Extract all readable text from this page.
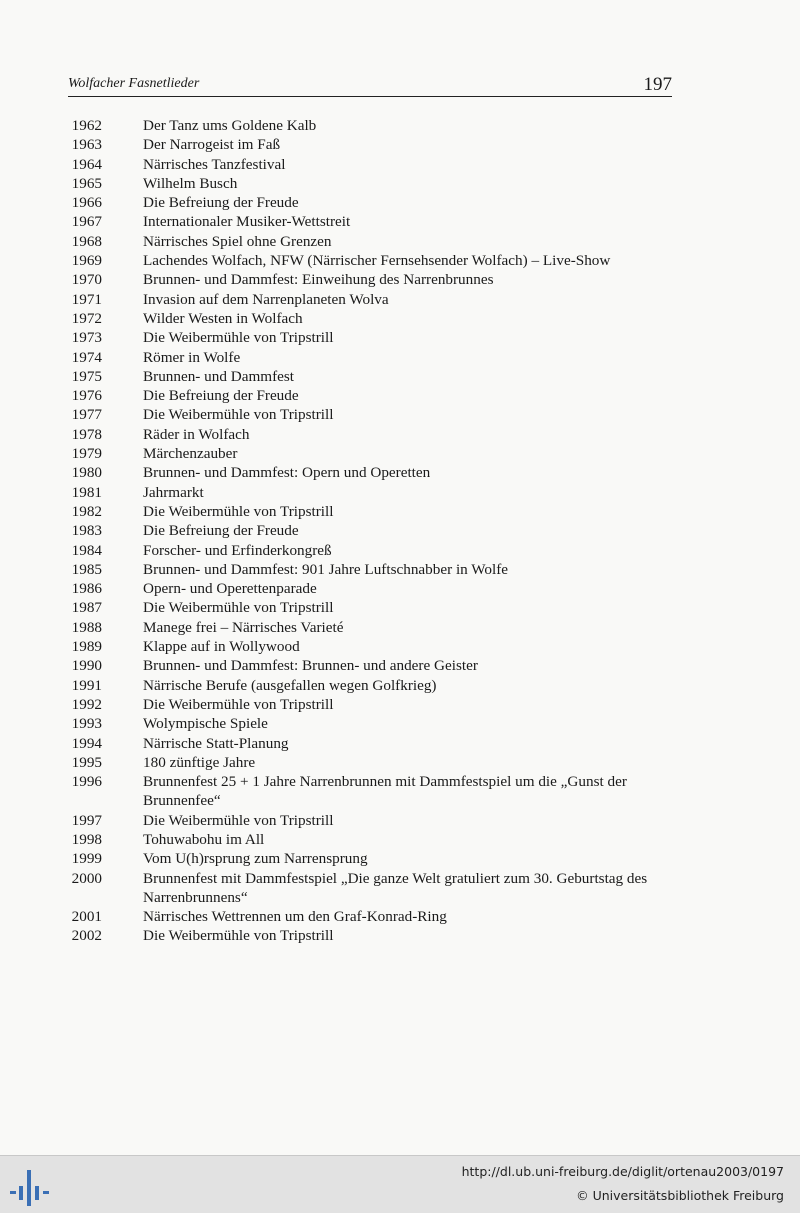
Wolfacher Fasnetlieder	197
1962	Der Tanz ums Goldene Kalb
1963	Der Narrogeist im Faß
1964	Närrisches Tanzfestival
1965	Wilhelm Busch
1966	Die Befreiung der Freude
1967	Internationaler Musiker-Wettstreit
1968	Närrisches Spiel ohne Grenzen
1969	Lachendes Wolfach, NFW (Närrischer Fernsehsender Wolfach) – Live-Show
1970	Brunnen- und Dammfest: Einweihung des Narrenbrunnes
1971	Invasion auf dem Narrenplaneten Wolva
1972	Wilder Westen in Wolfach
1973	Die Weibermühle von Tripstrill
1974	Römer in Wolfe
1975	Brunnen- und Dammfest
1976	Die Befreiung der Freude
1977	Die Weibermühle von Tripstrill
1978	Räder in Wolfach
1979	Märchenzauber
1980	Brunnen- und Dammfest: Opern und Operetten
1981	Jahrmarkt
1982	Die Weibermühle von Tripstrill
1983	Die Befreiung der Freude
1984	Forscher- und Erfinderkongreß
1985	Brunnen- und Dammfest: 901 Jahre Luftschnabber in Wolfe
1986	Opern- und Operettenparade
1987	Die Weibermühle von Tripstrill
1988	Manege frei – Närrisches Varieté
1989	Klappe auf in Wollywood
1990	Brunnen- und Dammfest: Brunnen- und andere Geister
1991	Närrische Berufe (ausgefallen wegen Golfkrieg)
1992	Die Weibermühle von Tripstrill
1993	Wolympische Spiele
1994	Närrische Statt-Planung
1995	180 zünftige Jahre
1996	Brunnenfest 25 + 1 Jahre Narrenbrunnen mit Dammfestspiel um die „Gunst der Brunnenfee“
1997	Die Weibermühle von Tripstrill
1998	Tohuwabohu im All
1999	Vom U(h)rsprung zum Narrensprung
2000	Brunnenfest mit Dammfestspiel „Die ganze Welt gratuliert zum 30. Geburtstag des Narrenbrunnens“
2001	Närrisches Wettrennen um den Graf-Konrad-Ring
2002	Die Weibermühle von Tripstrill
http://dl.ub.uni-freiburg.de/diglit/ortenau2003/0197
© Universitätsbibliothek Freiburg
